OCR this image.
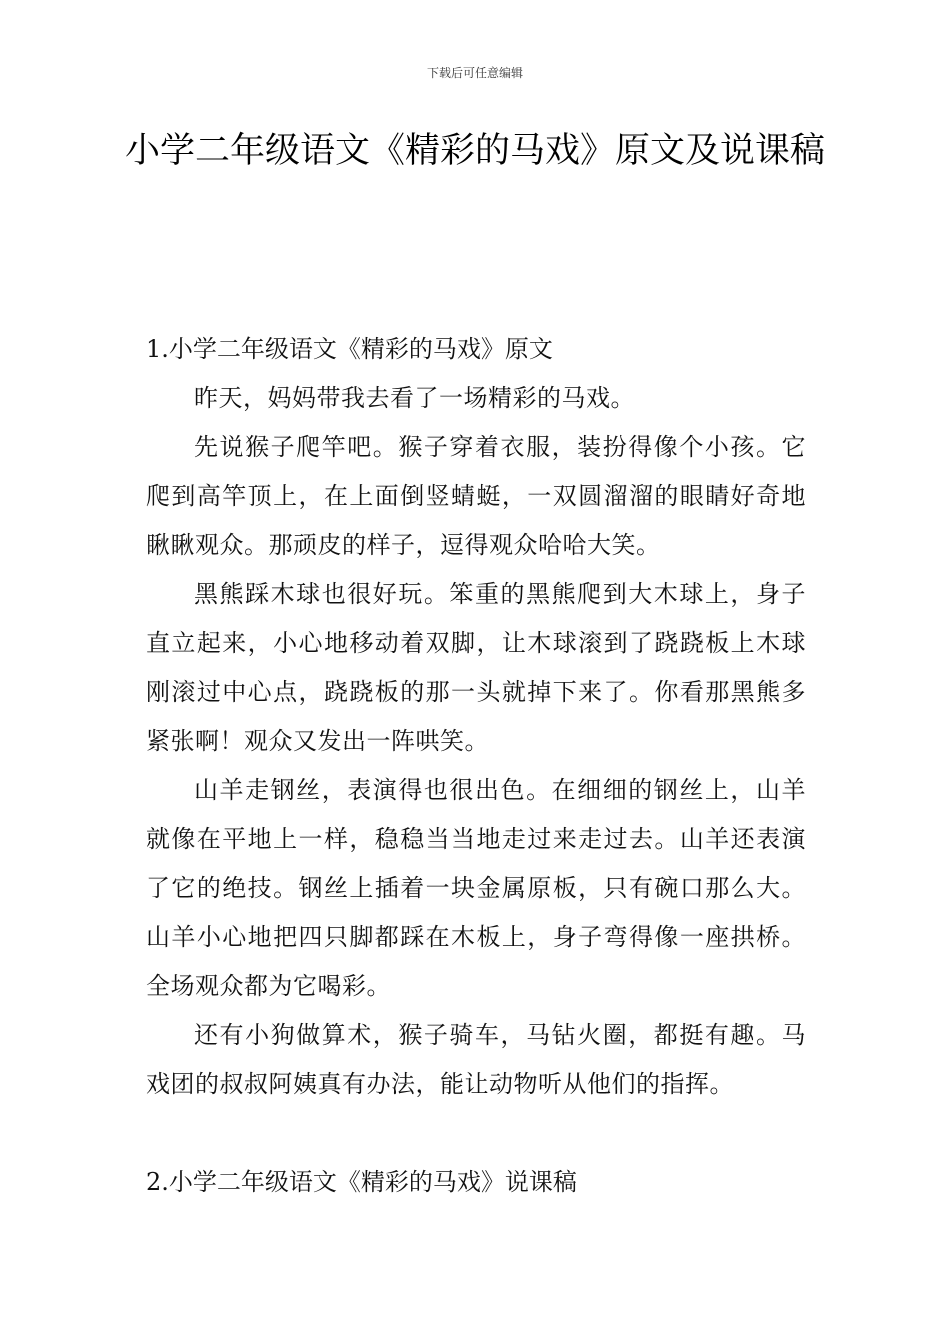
下载后可任意编辑
小学二年级语文《精彩的马戏》原文及说课稿
1.小学二年级语文《精彩的马戏》原文

昨天，妈妈带我去看了一场精彩的马戏。

先说猴子爬竿吧。猴子穿着衣服，装扮得像个小孩。它爬到高竿顶上，在上面倒竖蜻蜓，一双圆溜溜的眼睛好奇地瞅瞅观众。那顽皮的样子，逗得观众哈哈大笑。

黑熊踩木球也很好玩。笨重的黑熊爬到大木球上，身子直立起来，小心地移动着双脚，让木球滚到了跷跷板上木球刚滚过中心点，跷跷板的那一头就掉下来了。你看那黑熊多紧张啊！观众又发出一阵哄笑。

山羊走钢丝，表演得也很出色。在细细的钢丝上，山羊就像在平地上一样，稳稳当当地走过来走过去。山羊还表演了它的绝技。钢丝上插着一块金属原板，只有碗口那么大。山羊小心地把四只脚都踩在木板上，身子弯得像一座拱桥。全场观众都为它喝彩。

还有小狗做算术，猴子骑车，马钻火圈，都挺有趣。马戏团的叔叔阿姨真有办法，能让动物听从他们的指挥。

2.小学二年级语文《精彩的马戏》说课稿
